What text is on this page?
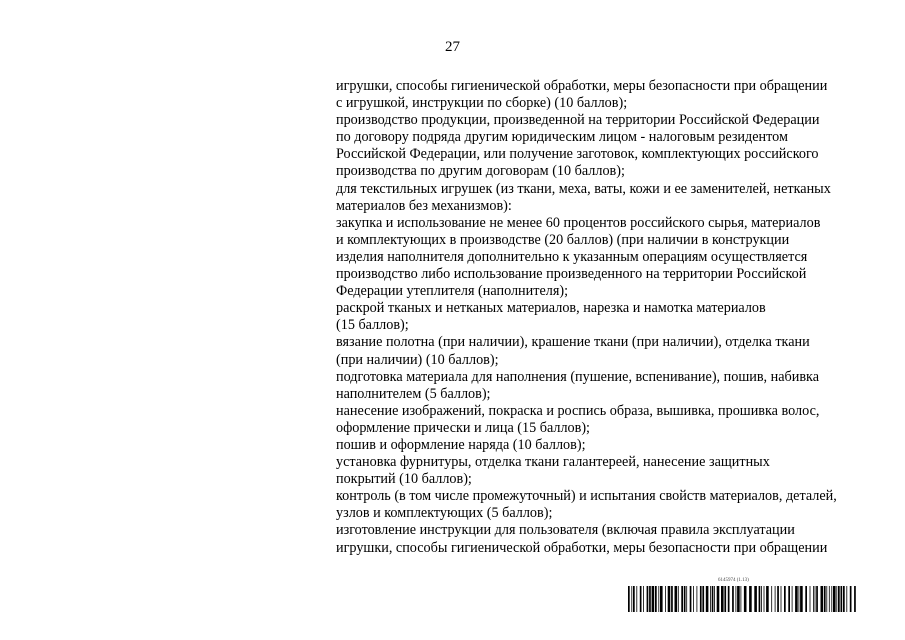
27
игрушки, способы гигиенической обработки, меры безопасности при обращении
с игрушкой, инструкции по сборке) (10 баллов);
производство продукции, произведенной на территории Российской Федерации
по договору подряда другим юридическим лицом - налоговым резидентом
Российской Федерации, или получение заготовок, комплектующих российского
производства по другим договорам (10 баллов);
для текстильных игрушек (из ткани, меха, ваты, кожи и ее заменителей, нетканых
материалов без механизмов):
закупка и использование не менее 60 процентов российского сырья, материалов
и комплектующих в производстве (20 баллов) (при наличии в конструкции
изделия наполнителя дополнительно к указанным операциям осуществляется
производство либо использование произведенного на территории Российской
Федерации утеплителя (наполнителя);
раскрой тканых и нетканых материалов, нарезка и намотка материалов
(15 баллов);
вязание полотна (при наличии), крашение ткани (при наличии), отделка ткани
(при наличии) (10 баллов);
подготовка материала для наполнения (пушение, вспенивание), пошив, набивка
наполнителем (5 баллов);
нанесение изображений, покраска и роспись образа, вышивка, прошивка волос,
оформление прически и лица (15 баллов);
пошив и оформление наряда (10 баллов);
установка фурнитуры, отделка ткани галантереей, нанесение защитных
покрытий (10 баллов);
контроль (в том числе промежуточный) и испытания свойств материалов, деталей,
узлов и комплектующих (5 баллов);
изготовление инструкции для пользователя (включая правила эксплуатации
игрушки, способы гигиенической обработки, меры безопасности при обращении
6145974 (1.13)
